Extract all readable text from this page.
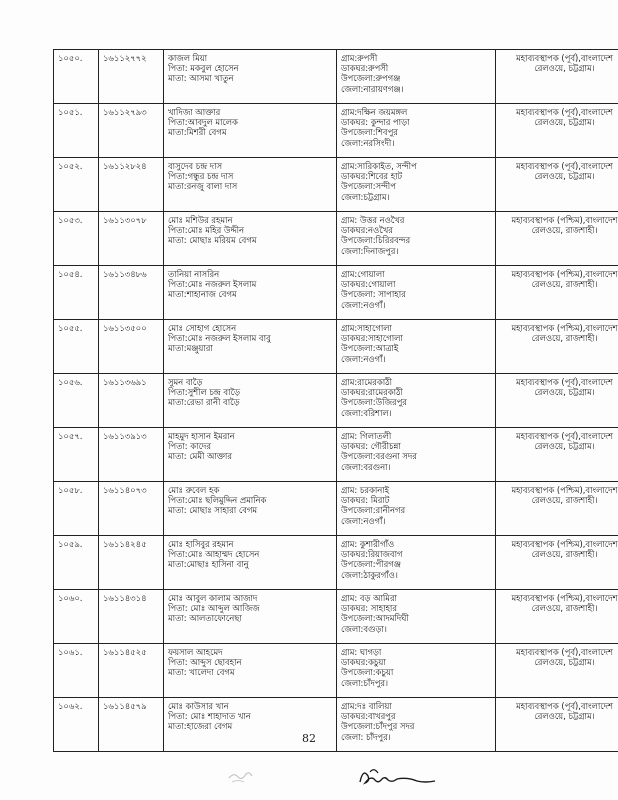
১০৫০.	১৬১১২৭৭২	কাজল মিয়া
পিতা: মকবুল হোসেন
মাতা: আসমা খাতুন	গ্রাম:রুপসী
ডাকঘর:রুপসী
উপজেলা:রুপগঞ্জ
জেলা:নারায়ণগঞ্জ।	মহাব্যবস্থাপক (পূর্ব),বাংলাদেশ
রেলওয়ে, চট্টগ্রাম।

১০৫১.	১৬১১২৭৯৩	খাদিজা আক্তার
পিতা:আবদুল মালেক
মাতা:মিশরী বেগম	গ্রাম:দক্ষিন জয়মঙ্গল
ডাকঘর: কুন্দার পাড়া
উপজেলা:শিবপুর
জেলা:নরসিংদী।	মহাব্যবস্থাপক (পূর্ব),বাংলাদেশ
রেলওয়ে, চট্টগ্রাম।

১০৫২.	১৬১১২৮২৪	বাসুদেব চন্দ্র দাস
পিতা:গন্ধুর চন্দ্র দাস
মাতা:রনজু বালা দাস	গ্রাম:সারিকাইত, সন্দীপ
ডাকঘর:শিবের হাট
উপজেলা:সন্দীপ
জেলা:চট্টগ্রাম।	মহাব্যবস্থাপক (পূর্ব),বাংলাদেশ
রেলওয়ে, চট্টগ্রাম।

১০৫৩.	১৬১১৩০৭৮	মোঃ মশিউর রহমান
পিতা:মোঃ মহির উদ্দীন
মাতা: মোছাঃ মরিয়ম বেগম	গ্রাম: উত্তর নওখৈর
ডাকঘর:নওখৈর
উপজেলা:চিরিরবন্দর
জেলা:দিনাজপুর।	মহাব্যবস্থাপক (পশ্চিম),বাংলাদেশ
রেলওয়ে, রাজশাহী।

১০৫৪.	১৬১১৩৪৮৬	তানিয়া নাসরিন
পিতা:মোঃ নজরুল ইসলাম
মাতা:শাহানাজ বেগম	গ্রাম:গোয়ালা
ডাকঘর:গোয়ালা
উপজেলা: সাপাহার
জেলা:নওগাঁ।	মহাব্যবস্থাপক (পশ্চিম),বাংলাদেশ
রেলওয়ে, রাজশাহী।

১০৫৫.	১৬১১৩৫০০	মোঃ সোহাগ হোসেন
পিতা:মোঃ নজরুল ইসলাম বাবু
মাতা:মঞ্জুয়ারা	গ্রাম:সাহাগোলা
ডাকঘর:সাহাগোলা
উপজেলা:আত্রাই
জেলা:নওগাঁ।	মহাব্যবস্থাপক (পশ্চিম),বাংলাদেশ
রেলওয়ে, রাজশাহী।

১০৫৬.	১৬১১৩৬৯১	সুমন বাড়ৈ
পিতা:সুশীল চন্দ্র বাড়ৈ
মাতা:রেভা রানী বাড়ৈ	গ্রাম:রামেরকাঠী
ডাকঘর:রামেরকাঠী
উপজেলা:উজিরপুর
জেলা:বরিশাল।	মহাব্যবস্থাপক (পূর্ব),বাংলাদেশ
রেলওয়ে, চট্টগ্রাম।

১০৫৭.	১৬১১৩৯১৩	মাহমুদ হাসান ইমরান
পিতা: কাদের
মাতা: মেমী আক্তার	গ্রাম: গিলাতলী
ডাকঘর: গৌরীচন্না
উপজেলা:বরগুনা সদর
জেলা:বরগুনা।	মহাব্যবস্থাপক (পূর্ব),বাংলাদেশ
রেলওয়ে, চট্টগ্রাম।

১০৫৮.	১৬১১৪০৭৩	মোঃ রুবেল হক
পিতা:মোঃ ছলিমুদ্দিন প্রমানিক
মাতা: মোছাঃ সাহারা বেগম	গ্রাম: চরকানাই
ডাকঘর: মিরাট
উপজেলা:রানীনগর
জেলা:নওগাঁ।	মহাব্যবস্থাপক (পশ্চিম),বাংলাদেশ
রেলওয়ে, রাজশাহী।

১০৫৯.	১৬১১৪২৪৫	মোঃ হাসিবুর রহমান
পিতা:মোঃ আহাম্মদ হোসেন
মাতা:মোছাঃ হাসিনা বানু	গ্রাম: কুশারীগাঁও
ডাকঘর:রিয়াজবাগ
উপজেলা:পীরগঞ্জ
জেলা:ঠাকুরগাঁও।	মহাব্যবস্থাপক (পশ্চিম),বাংলাদেশ
রেলওয়ে, রাজশাহী।

১০৬০.	১৬১১৪৩১৪	মোঃ আবুল কালাম আজাদ
পিতা: মোঃ আব্দুল আজিজ
মাতা: আলতাফোনেছা	গ্রাম: বড় আমিরা
ডাকঘর: সাহাহার
উপজেলা:আদমদিঘী
জেলা:বগুড়া।	মহাব্যবস্থাপক (পশ্চিম),বাংলাদেশ
রেলওয়ে, রাজশাহী।

১০৬১.	১৬১১৪৫২৫	ফয়সাল আহমেদ
পিতা: আব্দুস ছোবহান
মাতা: খালেদা বেগম	গ্রাম: ঘাগড়া
ডাকঘর:কচুয়া
উপজেলা:কচুয়া
জেলা:চাঁদপুর।	মহাব্যবস্থাপক (পূর্ব),বাংলাদেশ
রেলওয়ে, চট্টগ্রাম।

১০৬২.	১৬১১৪৫৭৯	মোঃ কাউসার খান
পিতা: মোঃ শাহাদাত খান
মাতা:হাজেরা বেগম	গ্রাম:দঃ বালিয়া
ডাকঘর:বাখরপুর
উপজেলা:চাঁদপুর সদর
জেলা: চাঁদপুর।	মহাব্যবস্থাপক (পূর্ব),বাংলাদেশ
রেলওয়ে, চট্টগ্রাম।
82
